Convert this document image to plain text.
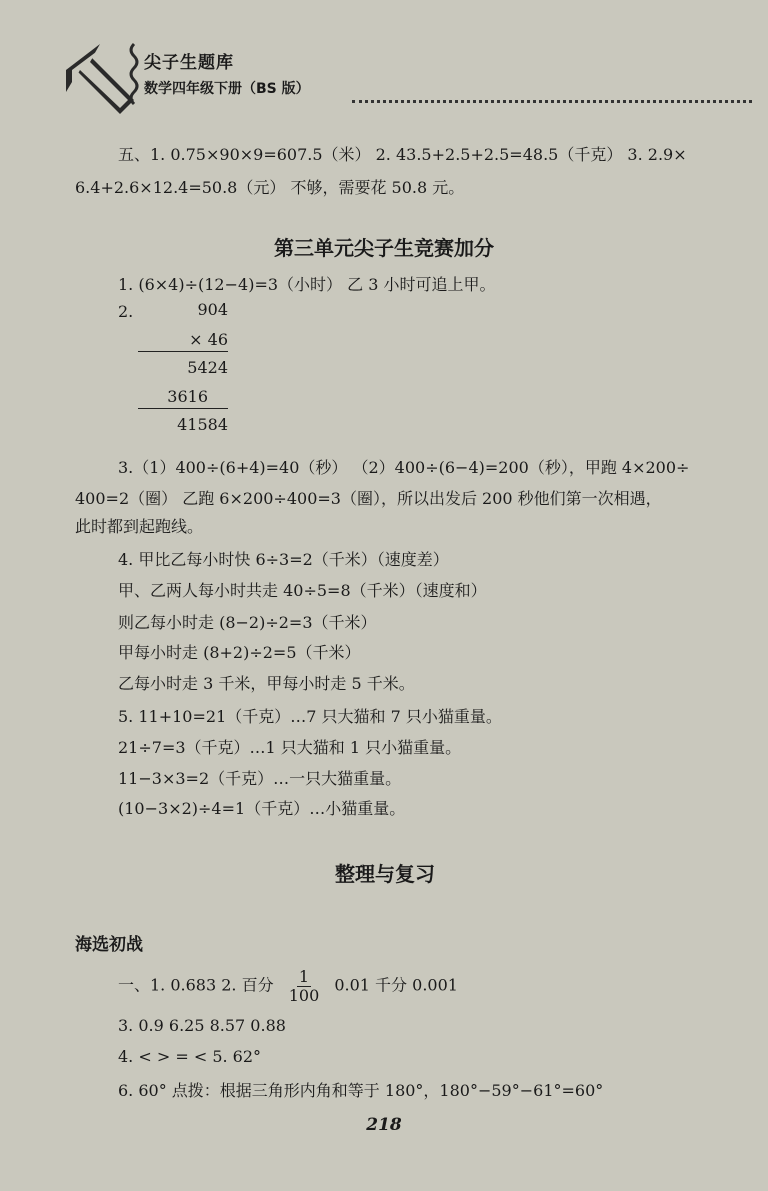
尖子生题库
数学四年级下册（BS 版）
五、1. 0.75×90×9=607.5（米） 2. 43.5+2.5+2.5=48.5（千克） 3. 2.9×
6.4+2.6×12.4=50.8（元） 不够，需要花 50.8 元。
第三单元尖子生竞赛加分
1. (6×4)÷(12−4)=3（小时） 乙 3 小时可追上甲。
2.	904
× 46
5424
3616
41584
3.（1）400÷(6+4)=40（秒） （2）400÷(6−4)=200（秒），甲跑 4×200÷
400=2（圈） 乙跑 6×200÷400=3（圈），所以出发后 200 秒他们第一次相遇，
此时都到起跑线。
4. 甲比乙每小时快 6÷3=2（千米）（速度差）
甲、乙两人每小时共走 40÷5=8（千米）（速度和）
则乙每小时走 (8−2)÷2=3（千米）
甲每小时走 (8+2)÷2=5（千米）
乙每小时走 3 千米，甲每小时走 5 千米。
5. 11+10=21（千克）…7 只大猫和 7 只小猫重量。
21÷7=3（千克）…1 只大猫和 1 只小猫重量。
11−3×3=2（千克）…一只大猫重量。
(10−3×2)÷4=1（千克）…小猫重量。
整理与复习
海选初战
一、1. 0.683 2. 百分 $\frac{1}{100} 0.01$ 千分 0.001
3. 0.9 6.25 8.57 0.88
4. < > = < 5. 62°
6. 60° 点拨：根据三角形内角和等于 180°，180°−59°−61°=60°
218
